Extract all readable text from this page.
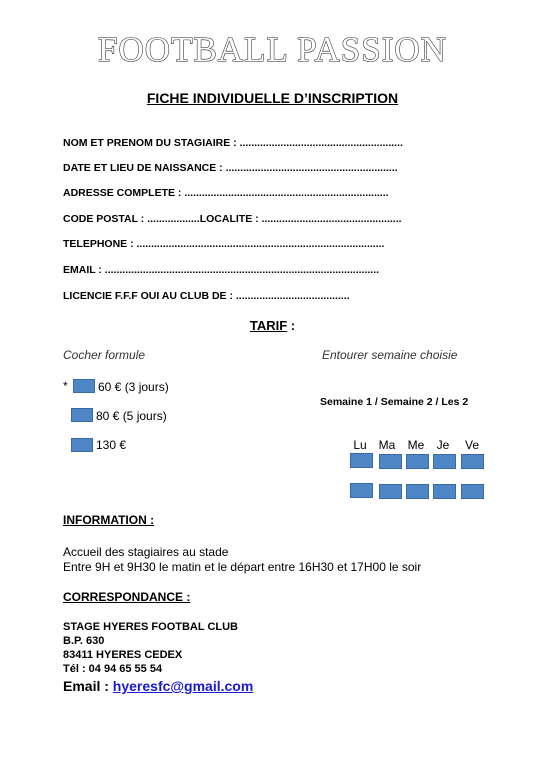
FOOTBALL PASSION
FICHE INDIVIDUELLE D’INSCRIPTION
NOM ET PRENOM DU STAGIAIRE : ........................................................
DATE ET LIEU DE NAISSANCE : ...........................................................
ADRESSE COMPLETE : ......................................................................
CODE POSTAL : ..................LOCALITE : ................................................
TELEPHONE : .....................................................................................
EMAIL : ..............................................................................................
LICENCIE F.F.F OUI AU CLUB DE : .......................................
TARIF :
Cocher formule	Entourer semaine choisie
*	60 € (3 jours)
80 € (5 jours)
130 €
Semaine 1 / Semaine 2 / Les 2
Lu Ma	Me	Je	Ve
INFORMATION :
Accueil des stagiaires au stade
Entre 9H et 9H30 le matin et le départ entre 16H30 et 17H00 le soir
CORRESPONDANCE :
STAGE HYERES FOOTBAL CLUB
B.P. 630
83411 HYERES CEDEX
Tél : 04 94 65 55 54
Email : hyeresfc@gmail.com
